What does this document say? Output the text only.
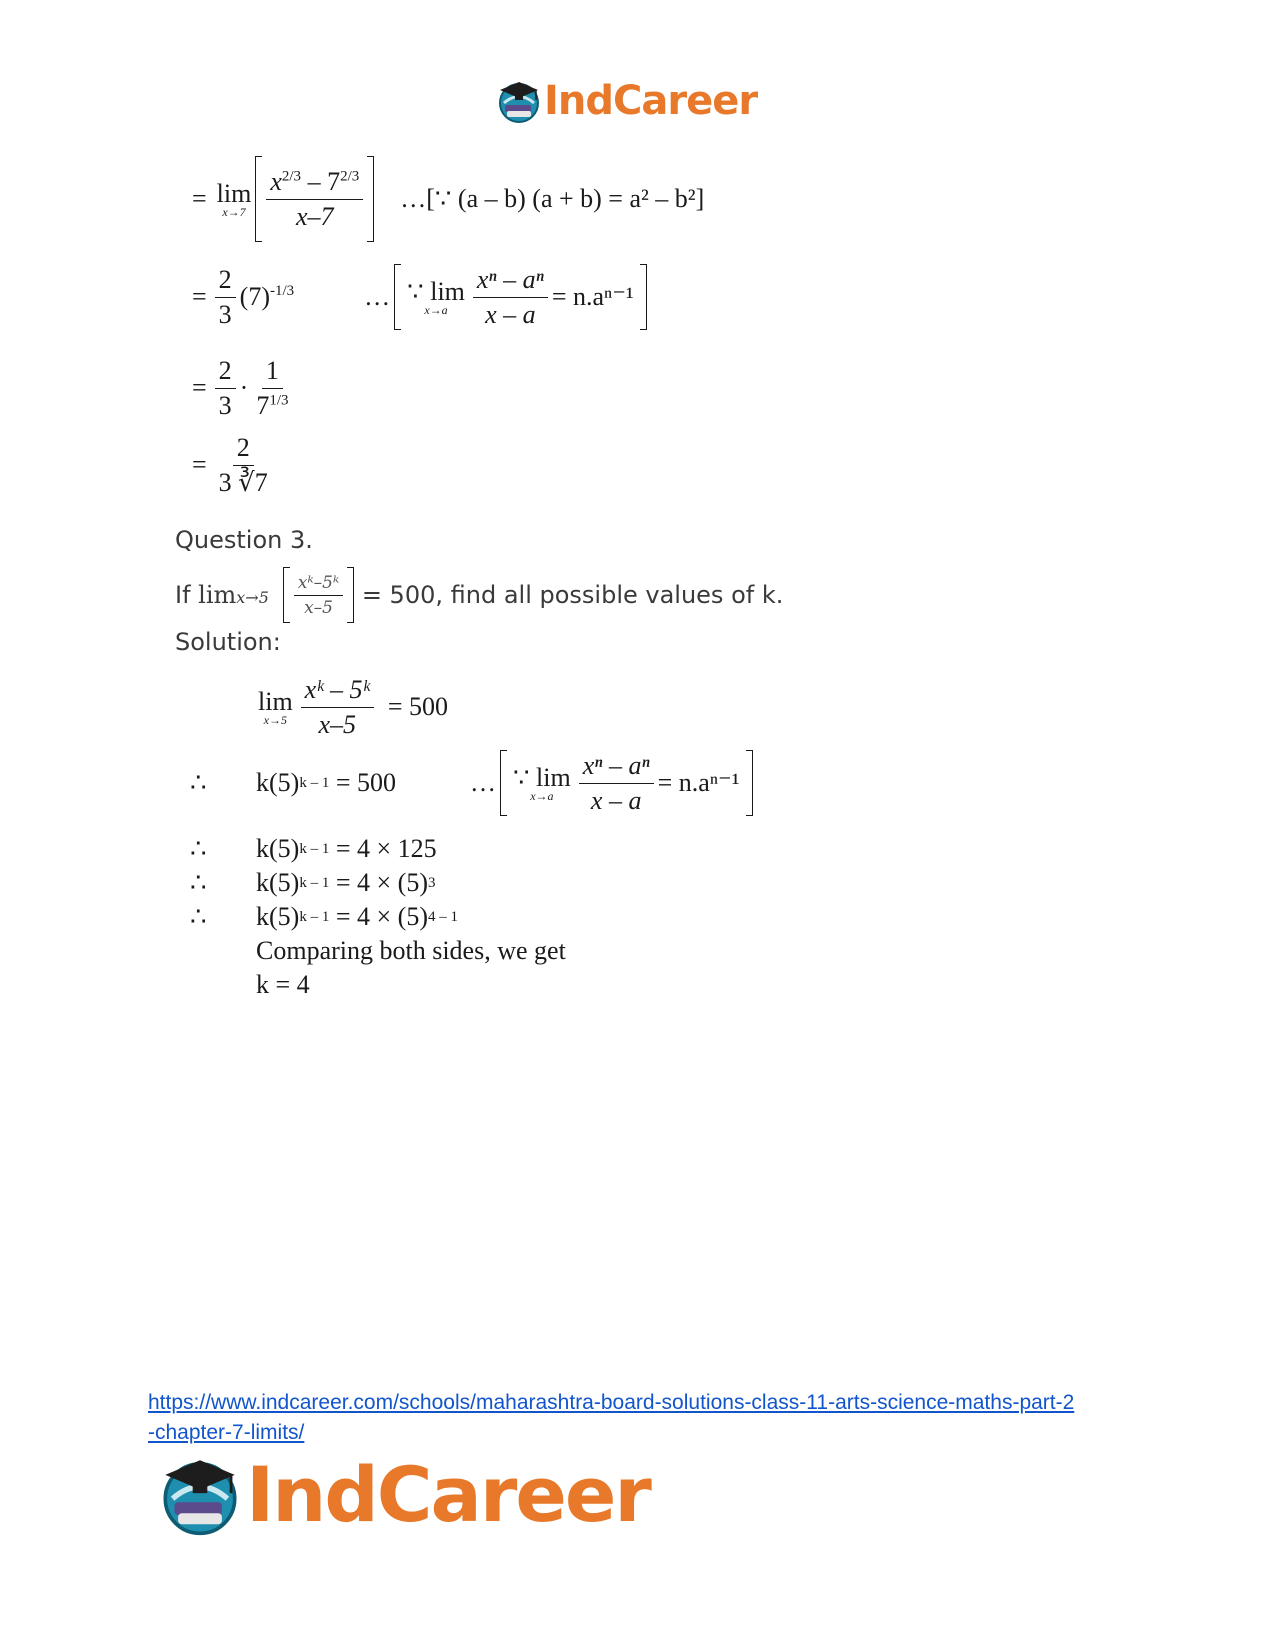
IndCareer
= lim
$x\to 7 \frac{x^{2/3} - 7^{2/3}}{x-7}$ …[∵ (a – b) (a + b) = a² – b²]
= $\frac{2}{3} (7)^{-1/3}$	… ∵ lim
$x\to a \frac{\text{xⁿ – aⁿ}}{x - a} = n.a^{n-1}$
= $\frac{2}{3} \cdot \frac{1}{7^{1/3}}$
= $\frac{2}{3 ∛7}$
Question 3.
If $\lim x\to 5 \frac{\text{xᵏ–5ᵏ}}{x-5} = 500$, find all possible values of k.
Solution:
lim
$x\to 5 \frac{\text{xᵏ – 5ᵏ}}{x-5} = 500$
∴	k(5) k – 1 = 500	… ∵ lim
$x\to a \frac{\text{xⁿ – aⁿ}}{x - a} = n.a^{n-1}$
∴	k(5) k – 1 = 4 × 125
∴	k(5) k – 1 = 4 × (5) 3
∴	k(5) k – 1 = 4 × (5) 4 – 1
Comparing both sides, we get
k = 4
https://www.indcareer.com/schools/maharashtra-board-solutions-class-11-arts-science-maths-part-2-chapter-7-limits/
IndCareer
